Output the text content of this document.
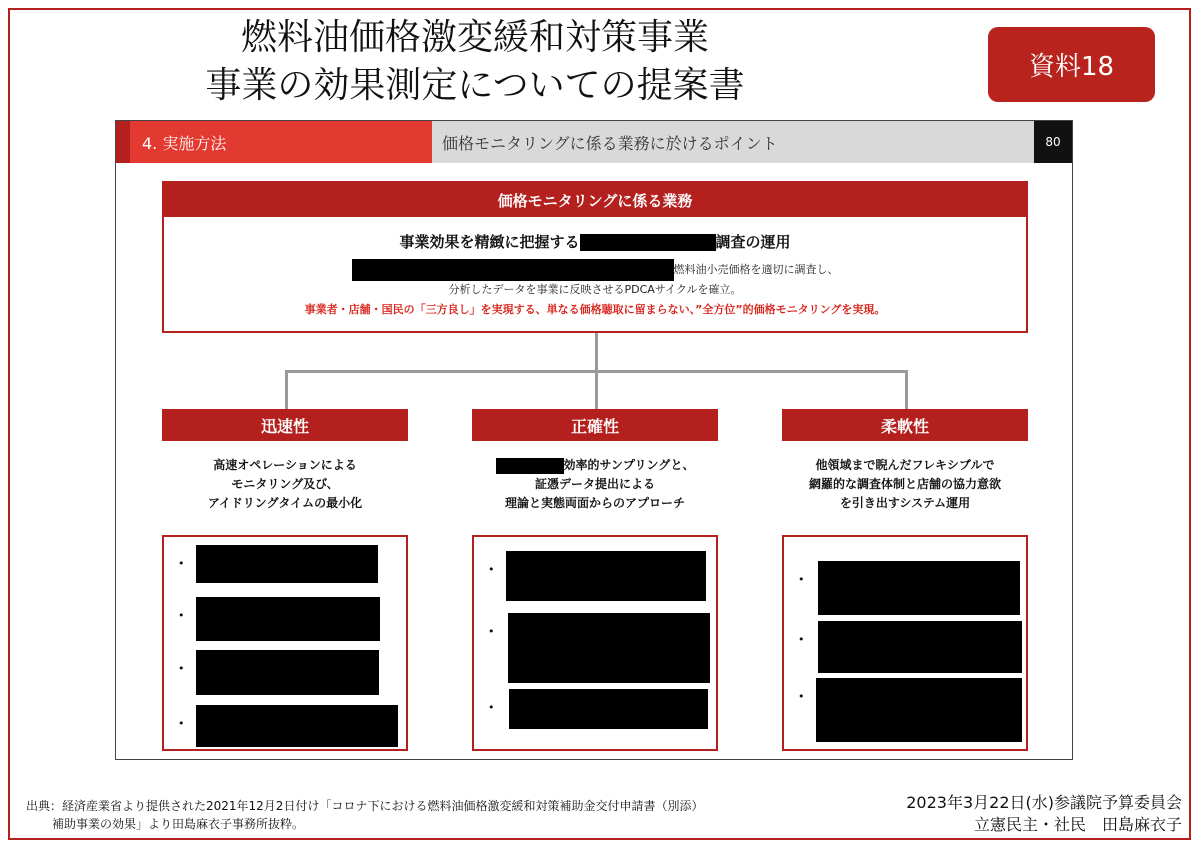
燃料油価格激変緩和対策事業
事業の効果測定についての提案書	資料18
4. 実施方法	価格モニタリングに係る業務に於けるポイント	80
価格モニタリングに係る業務
事業効果を精緻に把握する	調査の運用
燃料油小売価格を適切に調査し、
分析したデータを事業に反映させるPDCAサイクルを確立。
事業者・店舗・国民の「三方良し」を実現する、単なる価格聴取に留まらない、”全方位”的価格モニタリングを実現。
迅速性
高速オペレーションによる
モニタリング及び、
アイドリングタイムの最小化
•
•
•
•
正確性
効率的サンプリングと、
証憑データ提出による
理論と実態両面からのアプローチ
•
•
•
柔軟性
他領域まで睨んだフレキシブルで
網羅的な調査体制と店舗の協力意欲
を引き出すシステム運用
•
•
•
出典：経済産業省より提供された2021年12月2日付け「コロナ下における燃料油価格激変緩和対策補助金交付申請書（別添）
補助事業の効果」より田島麻衣子事務所抜粋。
2023年3月22日(水)参議院予算委員会
立憲民主・社民　田島麻衣子
